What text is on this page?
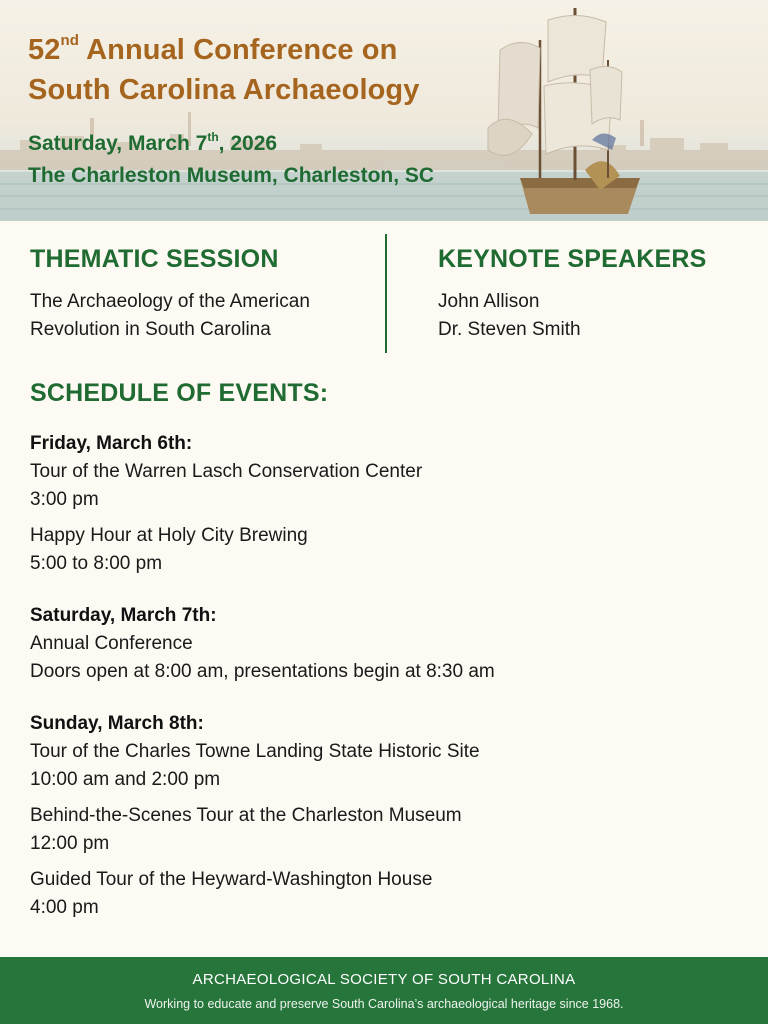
52nd Annual Conference on
South Carolina Archaeology
Saturday, March 7th, 2026
The Charleston Museum, Charleston, SC
THEMATIC SESSION
The Archaeology of the American
Revolution in South Carolina
KEYNOTE SPEAKERS
John Allison
Dr. Steven Smith
SCHEDULE OF EVENTS:
Friday, March 6th:
Tour of the Warren Lasch Conservation Center
3:00 pm
Happy Hour at Holy City Brewing
5:00 to 8:00 pm
Saturday, March 7th:
Annual Conference
Doors open at 8:00 am, presentations begin at 8:30 am
Sunday, March 8th:
Tour of the Charles Towne Landing State Historic Site
10:00 am and 2:00 pm
Behind-the-Scenes Tour at the Charleston Museum
12:00 pm
Guided Tour of the Heyward-Washington House
4:00 pm
ARCHAEOLOGICAL SOCIETY OF SOUTH CAROLINA
Working to educate and preserve South Carolina’s archaeological heritage since 1968.
